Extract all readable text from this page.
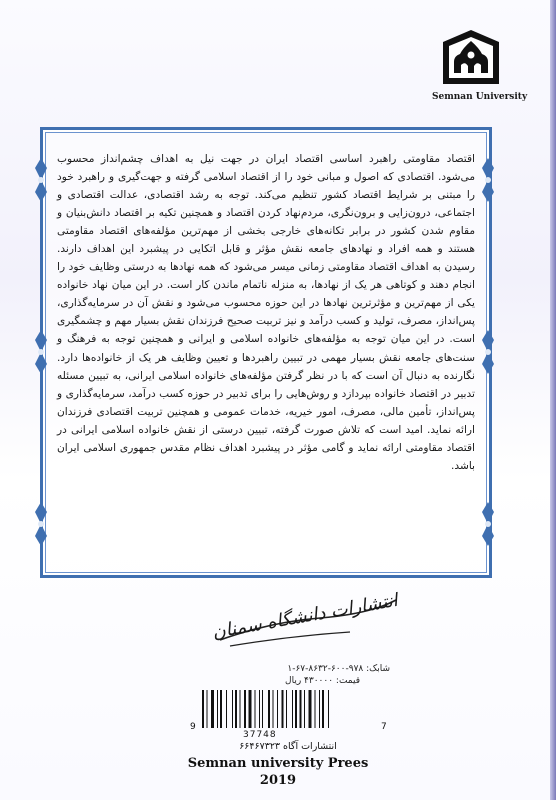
Semnan University
اقتصاد مقاومتی راهبرد اساسی اقتصاد ایران در جهت نیل به اهداف چشم‌انداز محسوب می‌شود. اقتصادی که اصول و مبانی خود را از اقتصاد اسلامی گرفته و جهت‌گیری و راهبرد خود را مبتنی بر شرایط اقتصاد کشور تنظیم می‌کند. توجه به رشد اقتصادی، عدالت اقتصادی و اجتماعی، درون‌زایی و برون‌نگری، مردم‌نهاد کردن اقتصاد و همچنین تکیه بر اقتصاد دانش‌بنیان و مقاوم شدن کشور در برابر تکانه‌های خارجی بخشی از مهم‌ترین مؤلفه‌های اقتصاد مقاومتی هستند و همه افراد و نهادهای جامعه نقش مؤثر و قابل اتکایی در پیشبرد این اهداف دارند. رسیدن به اهداف اقتصاد مقاومتی زمانی میسر می‌شود که همه نهادها به درستی وظایف خود را انجام دهند و کوتاهی هر یک از نهادها، به منزله ناتمام ماندن کار است. در این میان نهاد خانواده یکی از مهم‌ترین و مؤثرترین نهادها در این حوزه محسوب می‌شود و نقش آن در سرمایه‌گذاری، پس‌انداز، مصرف، تولید و کسب درآمد و نیز تربیت صحیح فرزندان نقش بسیار مهم و چشمگیری است. در این میان توجه به مؤلفه‌های خانواده اسلامی و ایرانی و همچنین توجه به فرهنگ و سنت‌های جامعه نقش بسیار مهمی در تبیین راهبردها و تعیین وظایف هر یک از خانواده‌ها دارد. نگارنده به دنبال آن است که با در نظر گرفتن مؤلفه‌های خانواده اسلامی ایرانی، به تبیین مسئله تدبیر در اقتصاد خانواده بپردازد و روش‌هایی را برای تدبیر در حوزه کسب درآمد، سرمایه‌گذاری و پس‌انداز، تأمین مالی، مصرف، امور خیریه، خدمات عمومی و همچنین تربیت اقتصادی فرزندان ارائه نماید. امید است که تلاش صورت گرفته، تبیین درستی از نقش خانواده اسلامی ایرانی در اقتصاد مقاومتی ارائه نماید و گامی مؤثر در پیشبرد اهداف نظام مقدس جمهوری اسلامی ایران باشد.
انتشارات دانشگاه سمنان
شابک: ۹۷۸-۶۰۰-۸۶۳۲-۶۷-۱
قیمت: ۴۳۰۰۰۰ ریال
9
37748
7
انتشارات آگاه ۶۶۴۶۷۳۲۳
Semnan university Prees
2019
